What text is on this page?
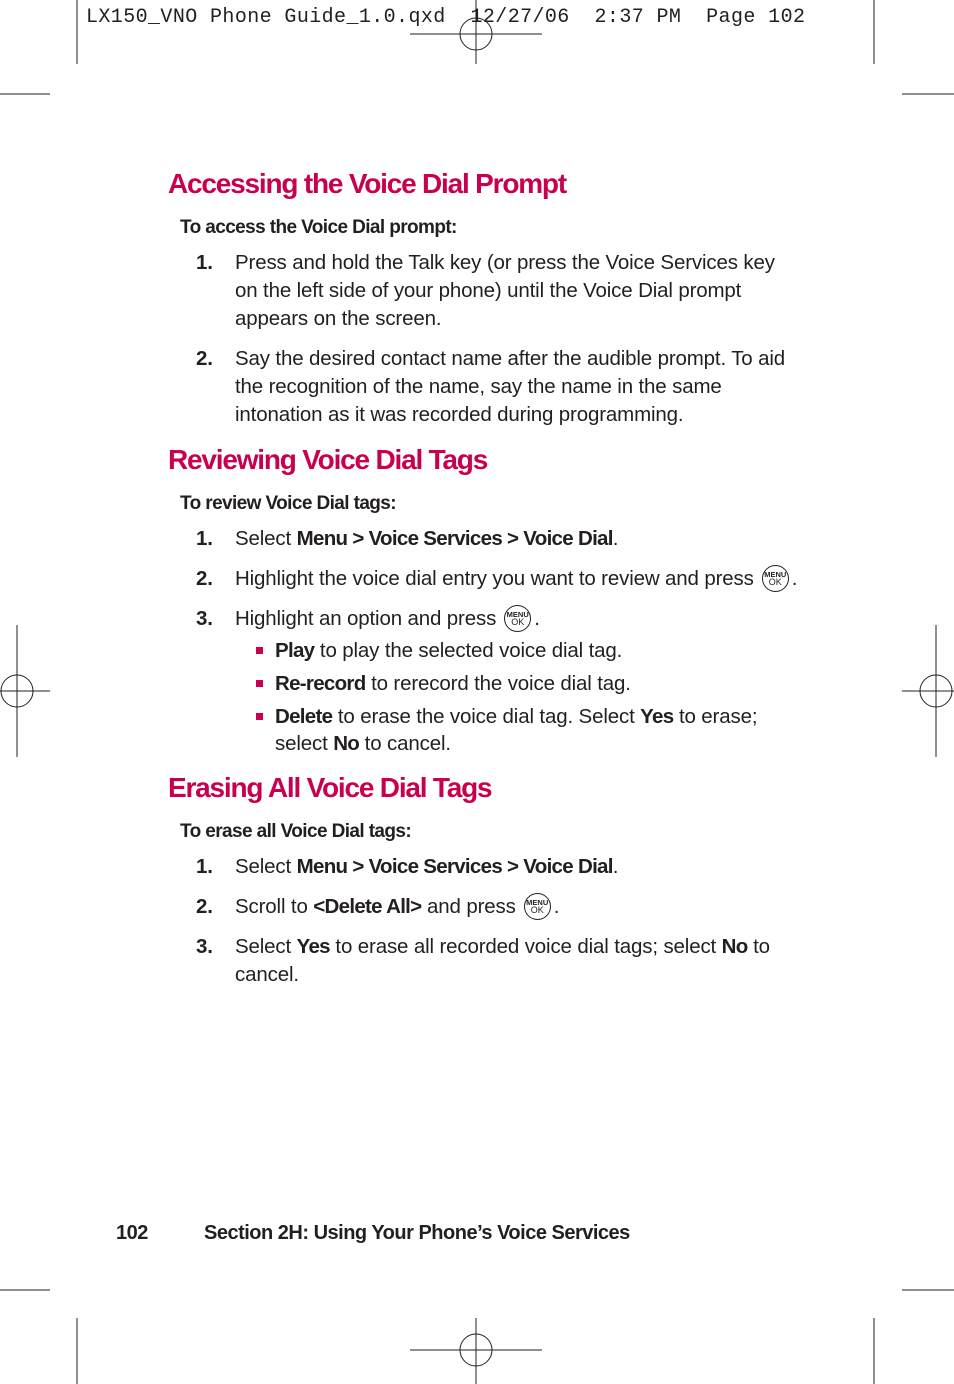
LX150_VNO Phone Guide_1.0.qxd 12/27/06 2:37 PM Page 102
Accessing the Voice Dial Prompt
To access the Voice Dial prompt:
1. Press and hold the Talk key (or press the Voice Services key on the left side of your phone) until the Voice Dial prompt appears on the screen.
2. Say the desired contact name after the audible prompt. To aid the recognition of the name, say the name in the same intonation as it was recorded during programming.
Reviewing Voice Dial Tags
To review Voice Dial tags:
1. Select Menu > Voice Services > Voice Dial.
2. Highlight the voice dial entry you want to review and press MENU
OK .
3. Highlight an option and press MENU
OK .
Play to play the selected voice dial tag.
Re-record to rerecord the voice dial tag.
Delete to erase the voice dial tag. Select Yes to erase; select No to cancel.
Erasing All Voice Dial Tags
To erase all Voice Dial tags:
1. Select Menu > Voice Services > Voice Dial.
2. Scroll to <Delete All> and press MENU
OK .
3. Select Yes to erase all recorded voice dial tags; select No to cancel.
102	Section 2H: Using Your Phone’s Voice Services
